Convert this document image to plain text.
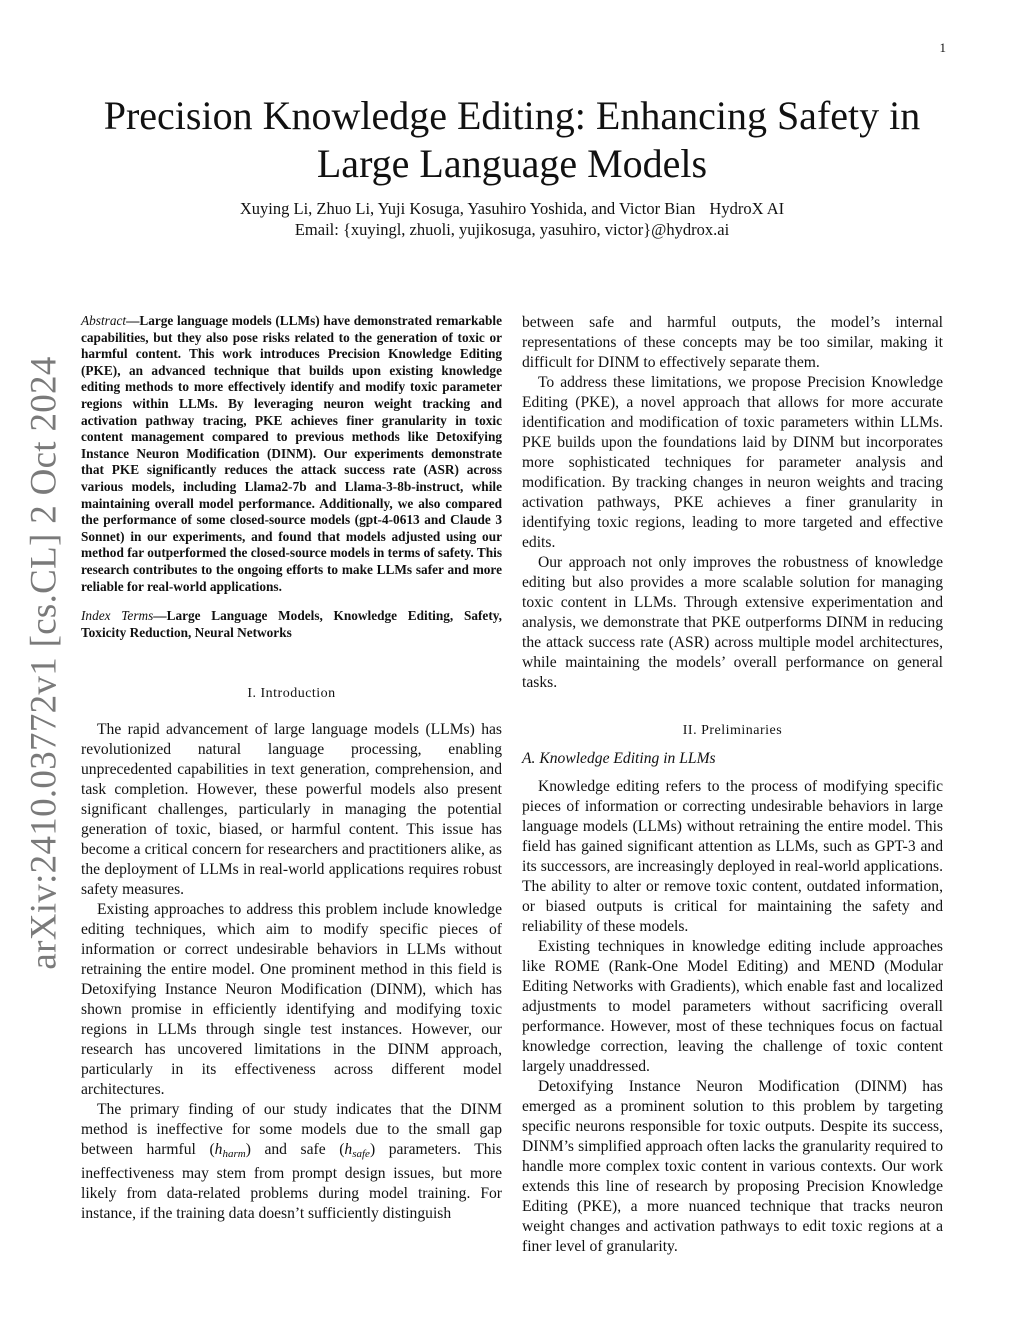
1
arXiv:2410.03772v1 [cs.CL] 2 Oct 2024
Precision Knowledge Editing: Enhancing Safety in Large Language Models
Xuying Li, Zhuo Li, Yuji Kosuga, Yasuhiro Yoshida, and Victor Bian HydroX AI
Email: {xuyingl, zhuoli, yujikosuga, yasuhiro, victor}@hydrox.ai

Abstract—Large language models (LLMs) have demonstrated remarkable capabilities, but they also pose risks related to the generation of toxic or harmful content. This work introduces Precision Knowledge Editing (PKE), an advanced technique that builds upon existing knowledge editing methods to more effectively identify and modify toxic parameter regions within LLMs. By leveraging neuron weight tracking and activation pathway tracing, PKE achieves finer granularity in toxic content management compared to previous methods like Detoxifying Instance Neuron Modification (DINM). Our experiments demonstrate that PKE significantly reduces the attack success rate (ASR) across various models, including Llama2-7b and Llama-3-8b-instruct, while maintaining overall model performance. Additionally, we also compared the performance of some closed-source models (gpt-4-0613 and Claude 3 Sonnet) in our experiments, and found that models adjusted using our method far outperformed the closed-source models in terms of safety. This research contributes to the ongoing efforts to make LLMs safer and more reliable for real-world applications.

Index Terms—Large Language Models, Knowledge Editing, Safety, Toxicity Reduction, Neural Networks

I. Introduction

The rapid advancement of large language models (LLMs) has revolutionized natural language processing, enabling unprecedented capabilities in text generation, comprehension, and task completion. However, these powerful models also present significant challenges, particularly in managing the potential generation of toxic, biased, or harmful content. This issue has become a critical concern for researchers and practitioners alike, as the deployment of LLMs in real-world applications requires robust safety measures.

Existing approaches to address this problem include knowledge editing techniques, which aim to modify specific pieces of information or correct undesirable behaviors in LLMs without retraining the entire model. One prominent method in this field is Detoxifying Instance Neuron Modification (DINM), which has shown promise in efficiently identifying and modifying toxic regions in LLMs through single test instances. However, our research has uncovered limitations in the DINM approach, particularly in its effectiveness across different model architectures.

The primary finding of our study indicates that the DINM method is ineffective for some models due to the small gap between harmful $(h_{harm})$ and safe $(h_{safe})$ parameters. This ineffectiveness may stem from prompt design issues, but more likely from data-related problems during model training. For instance, if the training data doesn’t sufficiently distinguish

between safe and harmful outputs, the model’s internal representations of these concepts may be too similar, making it difficult for DINM to effectively separate them.

To address these limitations, we propose Precision Knowledge Editing (PKE), a novel approach that allows for more accurate identification and modification of toxic parameters within LLMs. PKE builds upon the foundations laid by DINM but incorporates more sophisticated techniques for parameter analysis and modification. By tracking changes in neuron weights and tracing activation pathways, PKE achieves a finer granularity in identifying toxic regions, leading to more targeted and effective edits.

Our approach not only improves the robustness of knowledge editing but also provides a more scalable solution for managing toxic content in LLMs. Through extensive experimentation and analysis, we demonstrate that PKE outperforms DINM in reducing the attack success rate (ASR) across multiple model architectures, while maintaining the models’ overall performance on general tasks.

II. Preliminaries
A. Knowledge Editing in LLMs

Knowledge editing refers to the process of modifying specific pieces of information or correcting undesirable behaviors in large language models (LLMs) without retraining the entire model. This field has gained significant attention as LLMs, such as GPT-3 and its successors, are increasingly deployed in real-world applications. The ability to alter or remove toxic content, outdated information, or biased outputs is critical for maintaining the safety and reliability of these models.

Existing techniques in knowledge editing include approaches like ROME (Rank-One Model Editing) and MEND (Modular Editing Networks with Gradients), which enable fast and localized adjustments to model parameters without sacrificing overall performance. However, most of these techniques focus on factual knowledge correction, leaving the challenge of toxic content largely unaddressed.

Detoxifying Instance Neuron Modification (DINM) has emerged as a prominent solution to this problem by targeting specific neurons responsible for toxic outputs. Despite its success, DINM’s simplified approach often lacks the granularity required to handle more complex toxic content in various contexts. Our work extends this line of research by proposing Precision Knowledge Editing (PKE), a more nuanced technique that tracks neuron weight changes and activation pathways to edit toxic regions at a finer level of granularity.
